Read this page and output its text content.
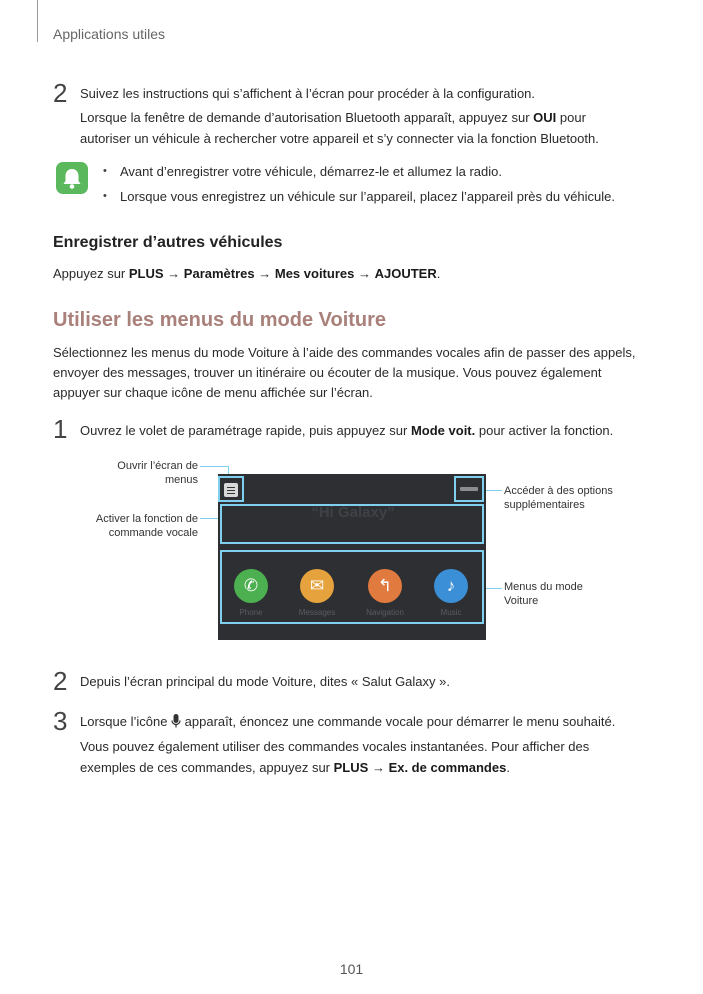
Applications utiles
2 Suivez les instructions qui s’affichent à l’écran pour procéder à la configuration.
Lorsque la fenêtre de demande d’autorisation Bluetooth apparaît, appuyez sur OUI pour
autoriser un véhicule à rechercher votre appareil et s’y connecter via la fonction Bluetooth.
• Avant d’enregistrer votre véhicule, démarrez-le et allumez la radio.
• Lorsque vous enregistrez un véhicule sur l’appareil, placez l’appareil près du véhicule.
Enregistrer d’autres véhicules
Appuyez sur PLUS → Paramètres → Mes voitures → AJOUTER.
Utiliser les menus du mode Voiture
Sélectionnez les menus du mode Voiture à l’aide des commandes vocales afin de passer des appels,
envoyer des messages, trouver un itinéraire ou écouter de la musique. Vous pouvez également
appuyer sur chaque icône de menu affichée sur l’écran.
1 Ouvrez le volet de paramétrage rapide, puis appuyez sur Mode voit. pour activer la fonction.
Ouvrir l’écran de
menus
Activer la fonction de
commande vocale
Accéder à des options
supplémentaires
Menus du mode
Voiture
“Hi Galaxy”
✆	✉	↰	♪
Phone	Messages	Navigation	Music
2 Depuis l’écran principal du mode Voiture, dites « Salut Galaxy ».
3 Lorsque l’icône  apparaît, énoncez une commande vocale pour démarrer le menu souhaité.
Vous pouvez également utiliser des commandes vocales instantanées. Pour afficher des
exemples de ces commandes, appuyez sur PLUS → Ex. de commandes.
101
